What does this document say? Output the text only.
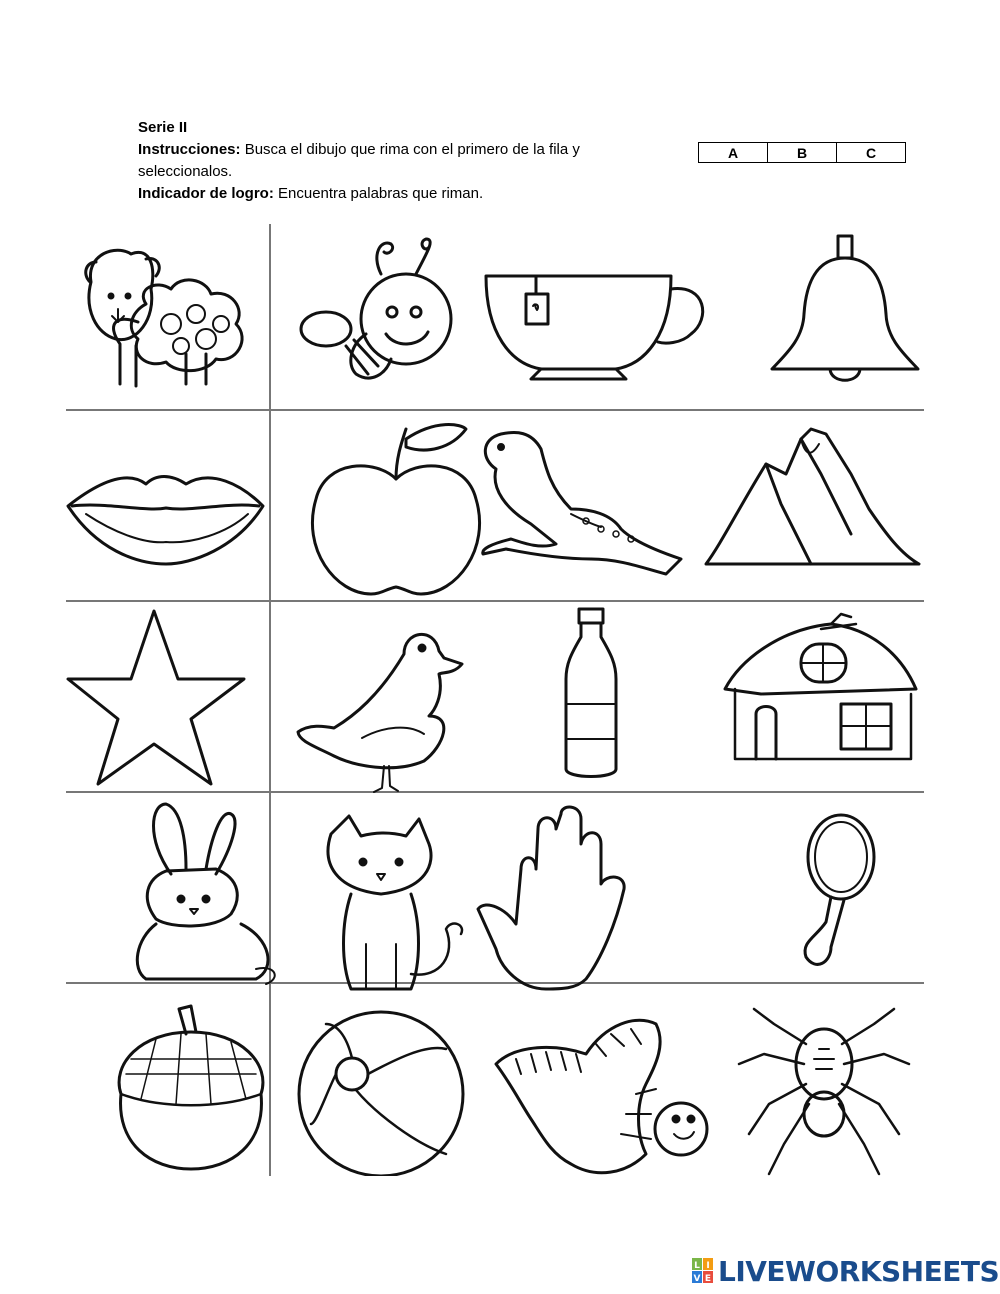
Serie II
Instrucciones: Busca el dibujo que rima con el primero de la fila y seleccionalos.
Indicador de logro: Encuentra palabras que riman.
A	B	C
L I
V E LIVEWORKSHEETS
